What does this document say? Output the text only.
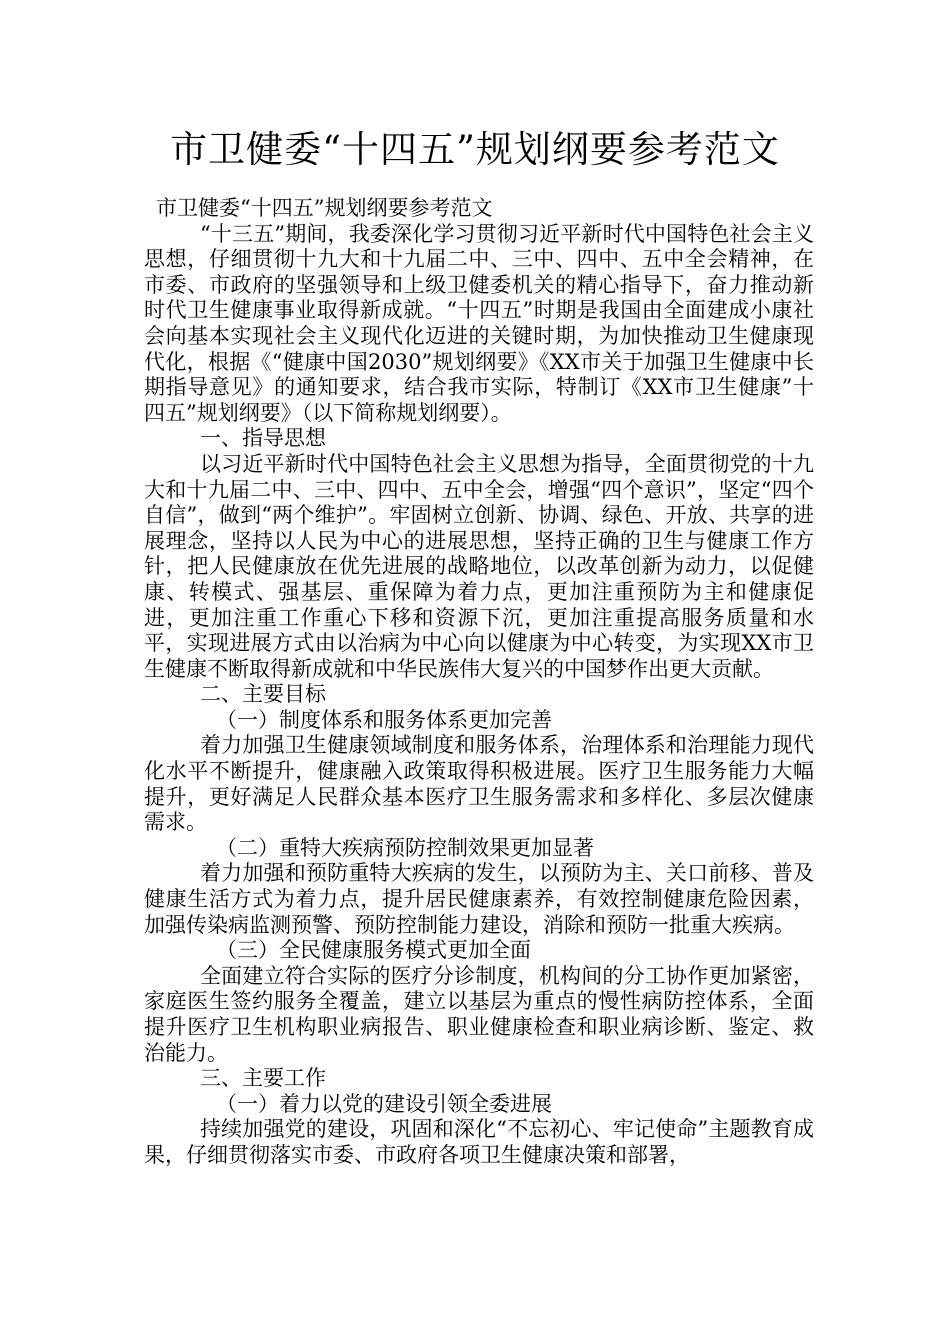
市卫健委“十四五”规划纲要参考范文

市卫健委“十四五”规划纲要参考范文

“十三五”期间，我委深化学习贯彻习近平新时代中国特色社会主义思想，仔细贯彻十九大和十九届二中、三中、四中、五中全会精神，在市委、市政府的坚强领导和上级卫健委机关的精心指导下，奋力推动新时代卫生健康事业取得新成就。“十四五”时期是我国由全面建成小康社会向基本实现社会主义现代化迈进的关键时期，为加快推动卫生健康现代化，根据《“健康中国2030”规划纲要》《XX市关于加强卫生健康中长期指导意见》的通知要求，结合我市实际，特制订《XX市卫生健康”十四五”规划纲要》（以下简称规划纲要）。

一、指导思想

以习近平新时代中国特色社会主义思想为指导，全面贯彻党的十九大和十九届二中、三中、四中、五中全会，增强“四个意识”，坚定“四个自信”，做到“两个维护”。牢固树立创新、协调、绿色、开放、共享的进展理念，坚持以人民为中心的进展思想，坚持正确的卫生与健康工作方针，把人民健康放在优先进展的战略地位，以改革创新为动力，以促健康、转模式、强基层、重保障为着力点，更加注重预防为主和健康促进，更加注重工作重心下移和资源下沉，更加注重提高服务质量和水平，实现进展方式由以治病为中心向以健康为中心转变，为实现XX市卫生健康不断取得新成就和中华民族伟大复兴的中国梦作出更大贡献。

二、主要目标

（一）制度体系和服务体系更加完善

着力加强卫生健康领域制度和服务体系，治理体系和治理能力现代化水平不断提升，健康融入政策取得积极进展。医疗卫生服务能力大幅提升，更好满足人民群众基本医疗卫生服务需求和多样化、多层次健康需求。

（二）重特大疾病预防控制效果更加显著

着力加强和预防重特大疾病的发生，以预防为主、关口前移、普及健康生活方式为着力点，提升居民健康素养，有效控制健康危险因素，加强传染病监测预警、预防控制能力建设，消除和预防一批重大疾病。

（三）全民健康服务模式更加全面

全面建立符合实际的医疗分诊制度，机构间的分工协作更加紧密，家庭医生签约服务全覆盖，建立以基层为重点的慢性病防控体系，全面提升医疗卫生机构职业病报告、职业健康检查和职业病诊断、鉴定、救治能力。

三、主要工作

（一）着力以党的建设引领全委进展

持续加强党的建设，巩固和深化“不忘初心、牢记使命”主题教育成果，仔细贯彻落实市委、市政府各项卫生健康决策和部署，
